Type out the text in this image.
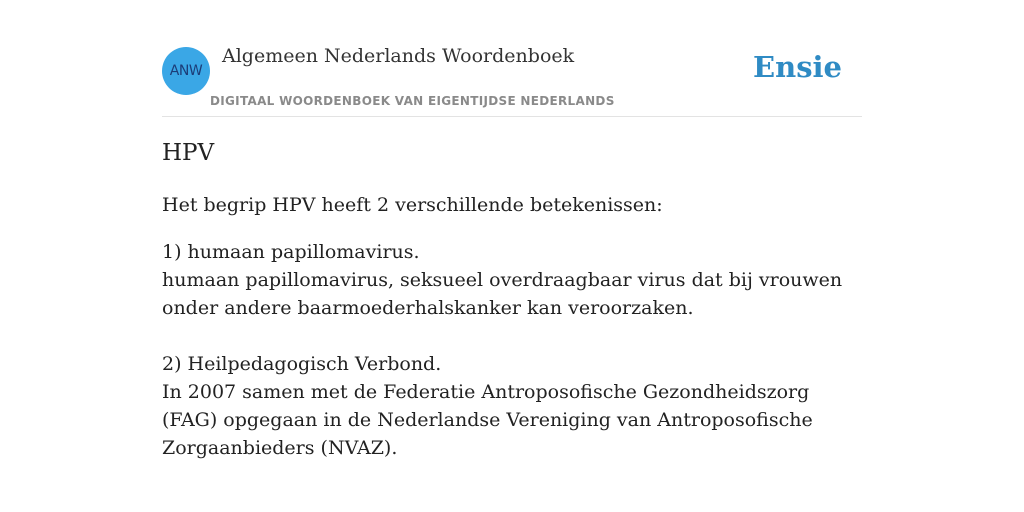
ANW
Algemeen Nederlands Woordenboek
DIGITAAL WOORDENBOEK VAN EIGENTIJDSE NEDERLANDS
Ensie
HPV
Het begrip HPV heeft 2 verschillende betekenissen:
1) humaan papillomavirus.
humaan papillomavirus, seksueel overdraagbaar virus dat bij vrouwen onder andere baarmoederhalskanker kan veroorzaken.
2) Heilpedagogisch Verbond.
In 2007 samen met de Federatie Antroposofische Gezondheidszorg (FAG) opgegaan in de Nederlandse Vereniging van Antroposofische Zorgaanbieders (NVAZ).
